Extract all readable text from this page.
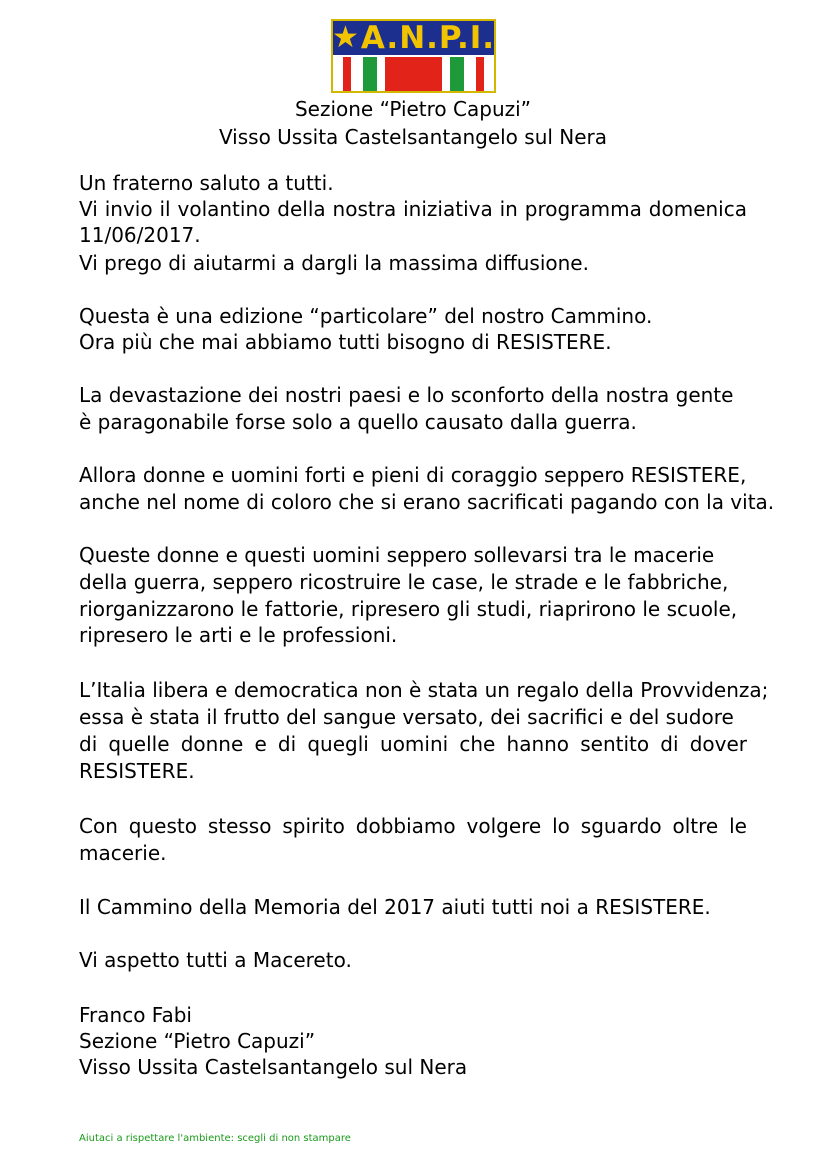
★ A.N.P.I.
Sezione “Pietro Capuzi”
Visso Ussita Castelsantangelo sul Nera
Un fraterno saluto a tutti.
Vi invio il volantino della nostra iniziativa in programma domenica
11/06/2017.
Vi prego di aiutarmi a dargli la massima diffusione.
Questa è una edizione “particolare” del nostro Cammino.
Ora più che mai abbiamo tutti bisogno di RESISTERE.
La devastazione dei nostri paesi e lo sconforto della nostra gente
è paragonabile forse solo a quello causato dalla guerra.
Allora donne e uomini forti e pieni di coraggio seppero RESISTERE,
anche nel nome di coloro che si erano sacrificati pagando con la vita.
Queste donne e questi uomini seppero sollevarsi tra le macerie
della guerra, seppero ricostruire le case, le strade e le fabbriche,
riorganizzarono le fattorie, ripresero gli studi, riaprirono le scuole,
ripresero le arti e le professioni.
L’Italia libera e democratica non è stata un regalo della Provvidenza;
essa è stata il frutto del sangue versato, dei sacrifici e del sudore
di quelle donne e di quegli uomini che hanno sentito di dover
RESISTERE.
Con questo stesso spirito dobbiamo volgere lo sguardo oltre le
macerie.
Il Cammino della Memoria del 2017 aiuti tutti noi a RESISTERE.
Vi aspetto tutti a Macereto.
Franco Fabi
Sezione “Pietro Capuzi”
Visso Ussita Castelsantangelo sul Nera
Aiutaci a rispettare l'ambiente: scegli di non stampare
